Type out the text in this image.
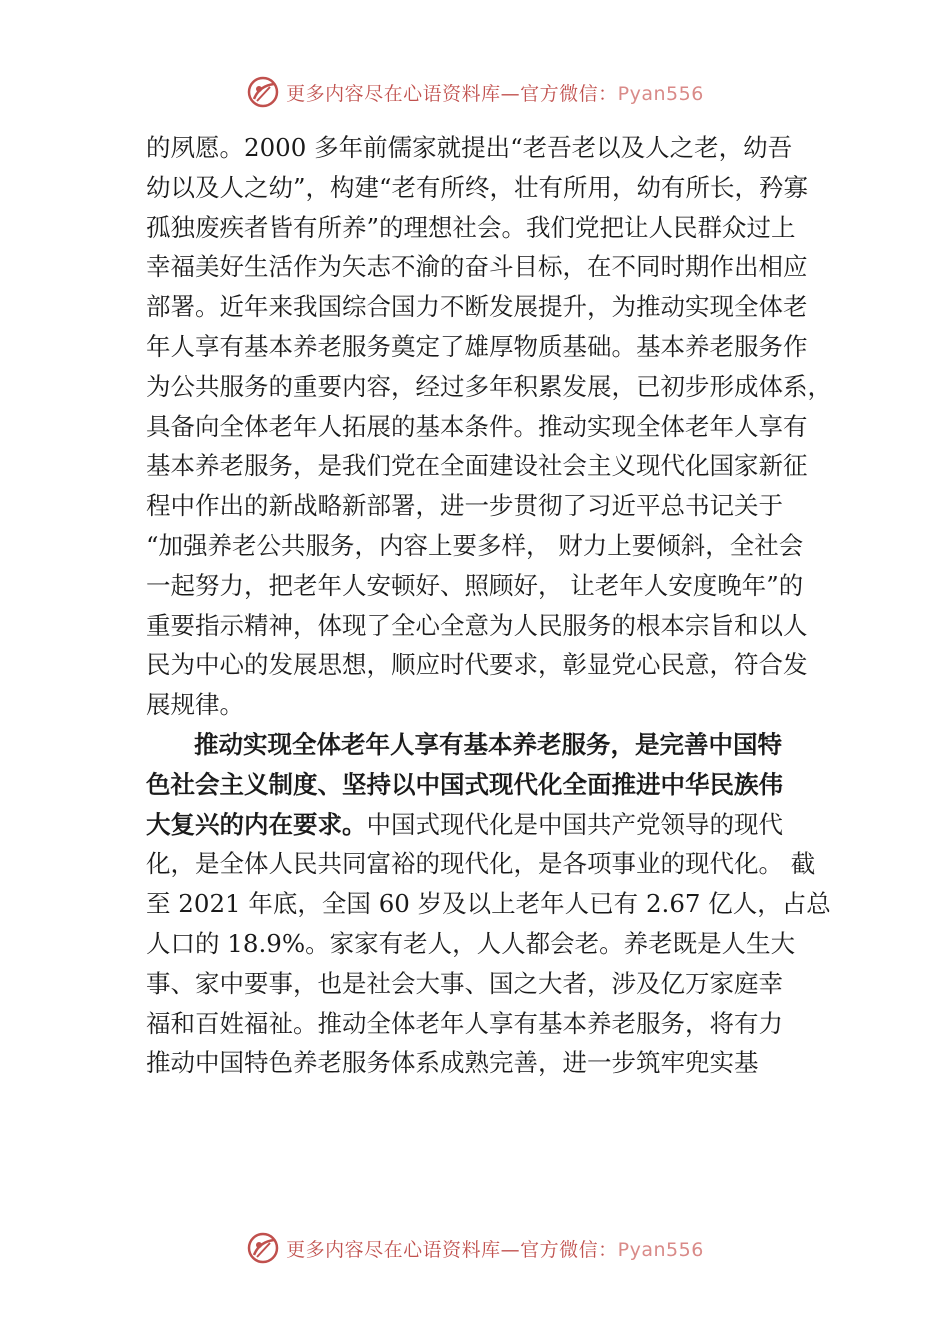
更多内容尽在心语资料库—官方微信：Pyan556
的夙愿。2000 多年前儒家就提出“老吾老以及人之老，幼吾
幼以及人之幼”，构建“老有所终，壮有所用，幼有所长，矜寡
孤独废疾者皆有所养”的理想社会。我们党把让人民群众过上
幸福美好生活作为矢志不渝的奋斗目标，在不同时期作出相应
部署。近年来我国综合国力不断发展提升，为推动实现全体老
年人享有基本养老服务奠定了雄厚物质基础。基本养老服务作
为公共服务的重要内容，经过多年积累发展，已初步形成体系，
具备向全体老年人拓展的基本条件。推动实现全体老年人享有
基本养老服务，是我们党在全面建设社会主义现代化国家新征
程中作出的新战略新部署，进一步贯彻了习近平总书记关于
“加强养老公共服务，内容上要多样， 财力上要倾斜，全社会
一起努力，把老年人安顿好、照顾好， 让老年人安度晚年”的
重要指示精神，体现了全心全意为人民服务的根本宗旨和以人
民为中心的发展思想，顺应时代要求，彰显党心民意，符合发
展规律。
推动实现全体老年人享有基本养老服务，是完善中国特
色社会主义制度、坚持以中国式现代化全面推进中华民族伟
大复兴的内在要求。中国式现代化是中国共产党领导的现代
化，是全体人民共同富裕的现代化，是各项事业的现代化。 截
至 2021 年底，全国 60 岁及以上老年人已有 2.67 亿人，占总
人口的 18.9%。家家有老人，人人都会老。养老既是人生大
事、家中要事，也是社会大事、国之大者，涉及亿万家庭幸
福和百姓福祉。推动全体老年人享有基本养老服务，将有力
推动中国特色养老服务体系成熟完善，进一步筑牢兜实基
更多内容尽在心语资料库—官方微信：Pyan556
